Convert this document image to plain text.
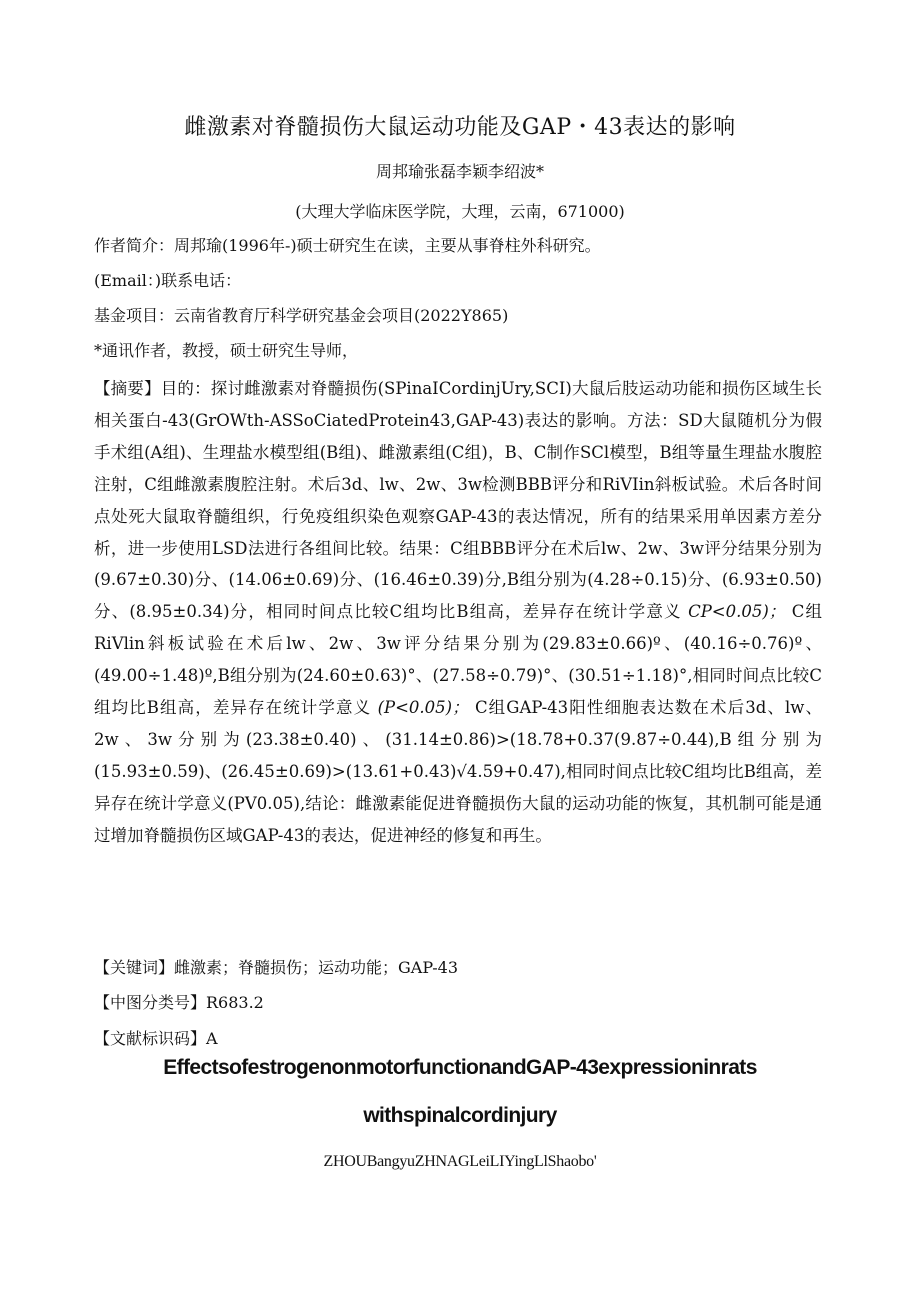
雌激素对脊髓损伤大鼠运动功能及GAP・43表达的影响
周邦瑜张磊李颖李绍波*
(大理大学临床医学院，大理，云南，671000)
作者简介：周邦瑜(1996年-)硕士研究生在读，主要从事脊柱外科研究。
(Email：)联系电话：
基金项目：云南省教育厅科学研究基金会项目(2022Y865)
*通讯作者，教授，硕士研究生导师，
【摘要】目的：探讨雌激素对脊髓损伤(SPinaICordinjUry,SCI)大鼠后肢运动功能和损伤区域生长相关蛋白-43(GrOWth-ASSoCiatedProtein43,GAP-43)表达的影响。方法：SD大鼠随机分为假手术组(A组)、生理盐水模型组(B组)、雌激素组(C组)，B、C制作SCl模型，B组等量生理盐水腹腔注射，C组雌激素腹腔注射。术后3d、lw、2w、3w检测BBB评分和RiVIin斜板试验。术后各时间点处死大鼠取脊髓组织，行免疫组织染色观察GAP-43的表达情况，所有的结果采用单因素方差分析，进一步使用LSD法进行各组间比较。结果：C组BBB评分在术后lw、2w、3w评分结果分别为(9.67±0.30)分、(14.06±0.69)分、(16.46±0.39)分,B组分别为(4.28÷0.15)分、(6.93±0.50)分、(8.95±0.34)分，相同时间点比较C组均比B组高，差异存在统计学意义 CP<0.05)； C组RiVlin斜板试验在术后lw、2w、3w评分结果分别为(29.83±0.66)º、(40.16÷0.76)º、(49.00÷1.48)º,B组分别为(24.60±0.63)°、(27.58÷0.79)°、(30.51÷1.18)°,相同时间点比较C组均比B组高，差异存在统计学意义 (P<0.05)； C组GAP-43阳性细胞表达数在术后3d、lw、2w、3w分别为(23.38±0.40)、(31.14±0.86)>(18.78+0.37(9.87÷0.44),B组分别为(15.93±0.59)、(26.45±0.69)>(13.61+0.43)√4.59+0.47),相同时间点比较C组均比B组高，差异存在统计学意义(PV0.05),结论：雌激素能促进脊髓损伤大鼠的运动功能的恢复，其机制可能是通过增加脊髓损伤区域GAP-43的表达，促进神经的修复和再生。
【关键词】雌激素；脊髓损伤；运动功能；GAP-43
【中图分类号】R683.2
【文献标识码】A
EffectsofestrogenonmotorfunctionandGAP-43expressioninrats
withspinalcordinjury
ZHOUBangyuZHNAGLeiLIYingLlShaobo'
